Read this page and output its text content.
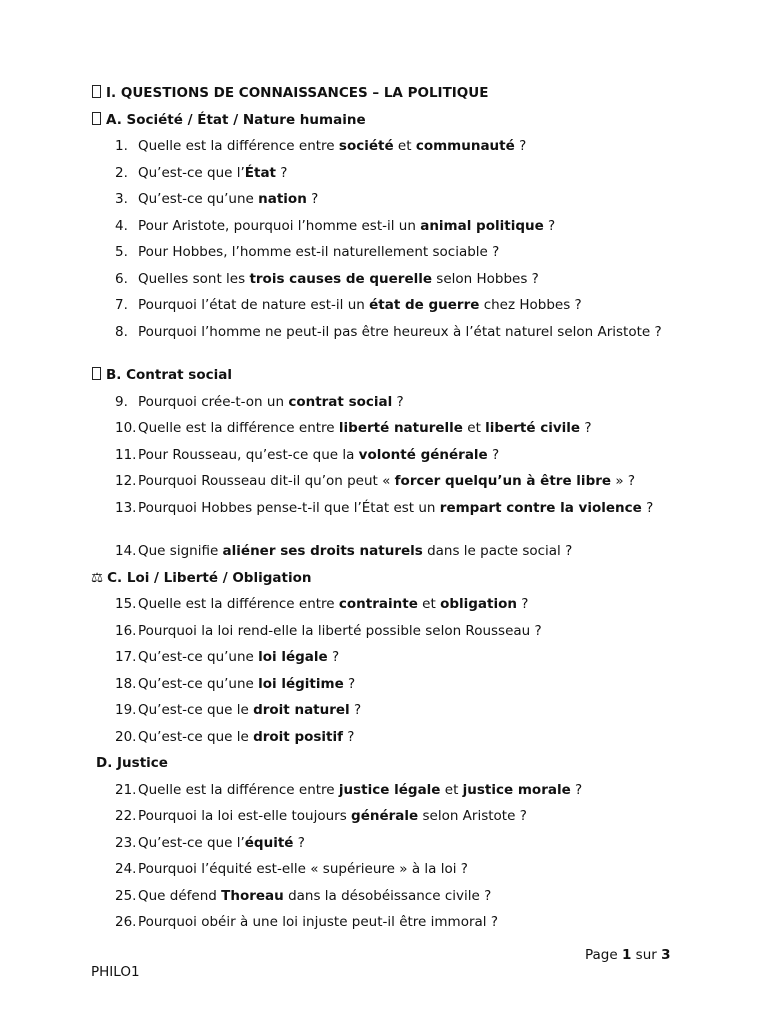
I. QUESTIONS DE CONNAISSANCES – LA POLITIQUE
A. Société / État / Nature humaine
1. Quelle est la différence entre société et communauté ?
2. Qu’est-ce que l’État ?
3. Qu’est-ce qu’une nation ?
4. Pour Aristote, pourquoi l’homme est-il un animal politique ?
5. Pour Hobbes, l’homme est-il naturellement sociable ?
6. Quelles sont les trois causes de querelle selon Hobbes ?
7. Pourquoi l’état de nature est-il un état de guerre chez Hobbes ?
8. Pourquoi l’homme ne peut-il pas être heureux à l’état naturel selon Aristote ?
B. Contrat social
9. Pourquoi crée-t-on un contrat social ?
10. Quelle est la différence entre liberté naturelle et liberté civile ?
11. Pour Rousseau, qu’est-ce que la volonté générale ?
12. Pourquoi Rousseau dit-il qu’on peut « forcer quelqu’un à être libre » ?
13. Pourquoi Hobbes pense-t-il que l’État est un rempart contre la violence ?
14. Que signifie aliéner ses droits naturels dans le pacte social ?
⚖ C. Loi / Liberté / Obligation
15. Quelle est la différence entre contrainte et obligation ?
16. Pourquoi la loi rend-elle la liberté possible selon Rousseau ?
17. Qu’est-ce qu’une loi légale ?
18. Qu’est-ce qu’une loi légitime ?
19. Qu’est-ce que le droit naturel ?
20. Qu’est-ce que le droit positif ?
D. Justice
21. Quelle est la différence entre justice légale et justice morale ?
22. Pourquoi la loi est-elle toujours générale selon Aristote ?
23. Qu’est-ce que l’équité ?
24. Pourquoi l’équité est-elle « supérieure » à la loi ?
25. Que défend Thoreau dans la désobéissance civile ?
26. Pourquoi obéir à une loi injuste peut-il être immoral ?
Page 1 sur 3
PHILO1
